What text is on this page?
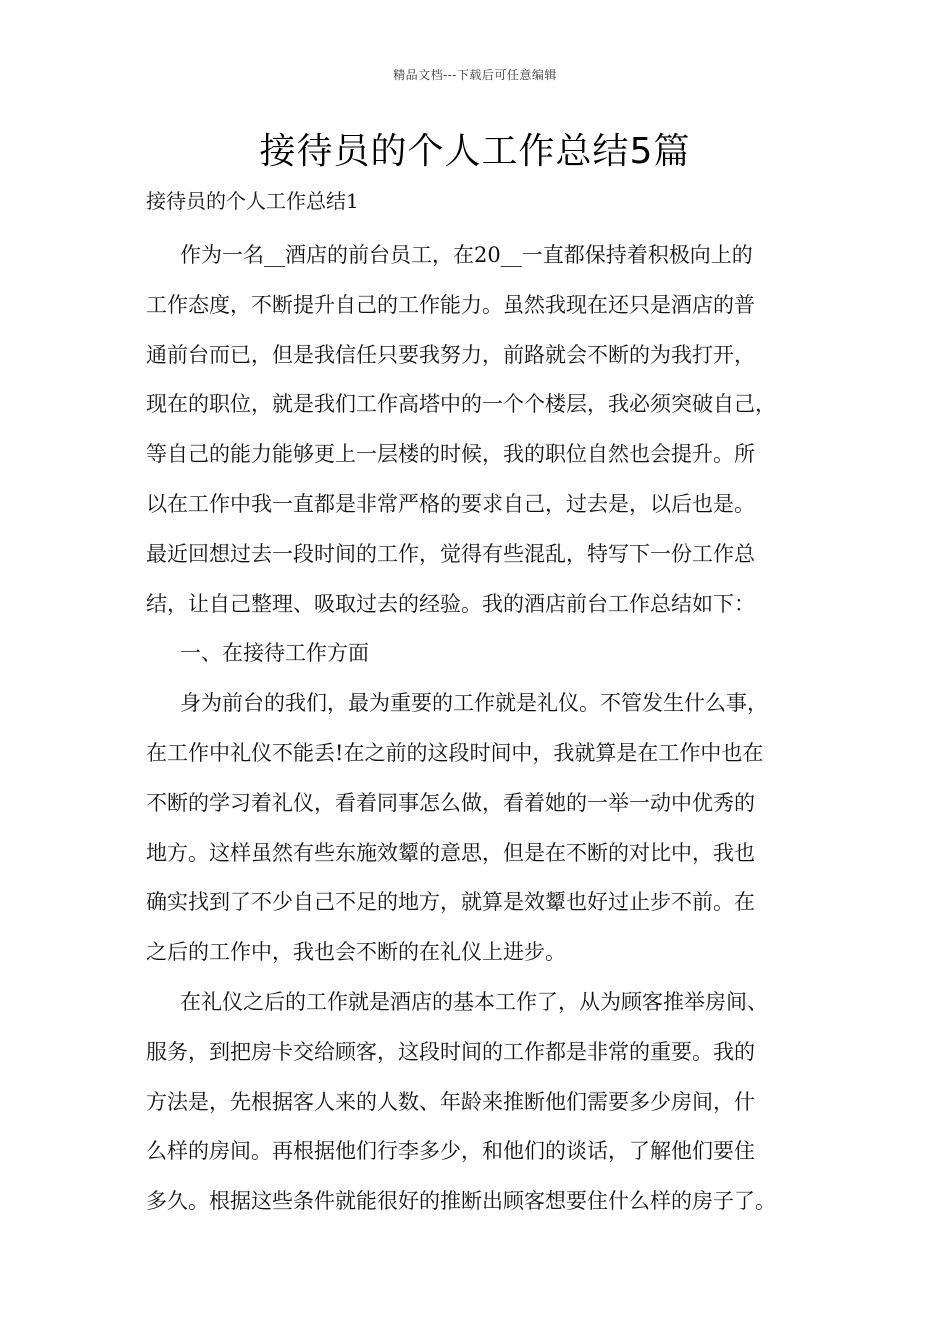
精品文档---下载后可任意编辑
接待员的个人工作总结5篇
接待员的个人工作总结1
作为一名__酒店的前台员工，在20__一直都保持着积极向上的
工作态度，不断提升自己的工作能力。虽然我现在还只是酒店的普
通前台而已，但是我信任只要我努力，前路就会不断的为我打开，
现在的职位，就是我们工作高塔中的一个个楼层，我必须突破自己，
等自己的能力能够更上一层楼的时候，我的职位自然也会提升。所
以在工作中我一直都是非常严格的要求自己，过去是，以后也是。
最近回想过去一段时间的工作，觉得有些混乱，特写下一份工作总
结，让自己整理、吸取过去的经验。我的酒店前台工作总结如下：
一、在接待工作方面
身为前台的我们，最为重要的工作就是礼仪。不管发生什么事，
在工作中礼仪不能丢!在之前的这段时间中，我就算是在工作中也在
不断的学习着礼仪，看着同事怎么做，看着她的一举一动中优秀的
地方。这样虽然有些东施效颦的意思，但是在不断的对比中，我也
确实找到了不少自己不足的地方，就算是效颦也好过止步不前。在
之后的工作中，我也会不断的在礼仪上进步。
在礼仪之后的工作就是酒店的基本工作了，从为顾客推举房间、
服务，到把房卡交给顾客，这段时间的工作都是非常的重要。我的
方法是，先根据客人来的人数、年龄来推断他们需要多少房间，什
么样的房间。再根据他们行李多少，和他们的谈话，了解他们要住
多久。根据这些条件就能很好的推断出顾客想要住什么样的房子了。
